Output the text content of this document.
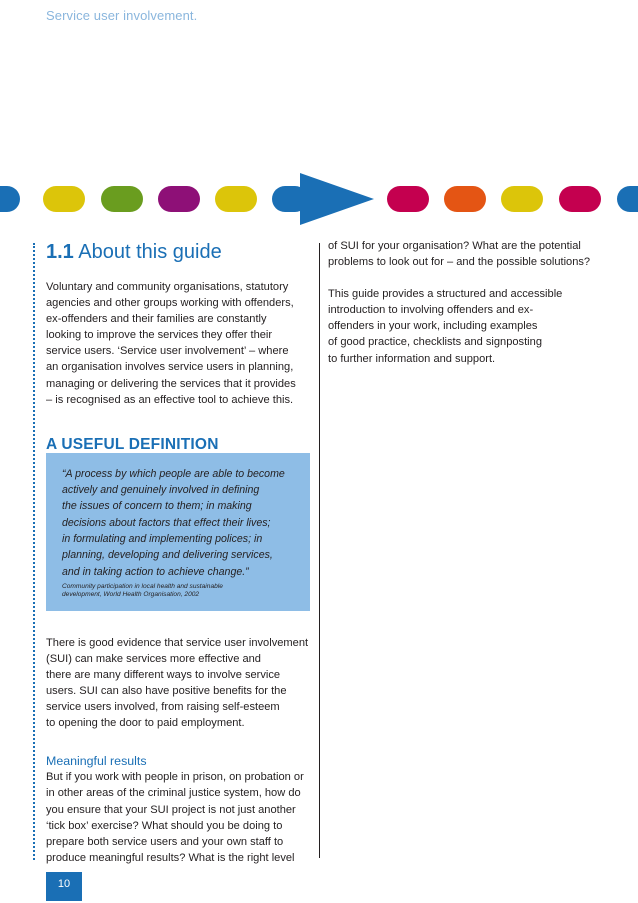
Service user involvement.
1.1 About this guide

Voluntary and community organisations, statutory
agencies and other groups working with offenders,
ex-offenders and their families are constantly
looking to improve the services they offer their
service users. ‘Service user involvement’ – where
an organisation involves service users in planning,
managing or delivering the services that it provides
– is recognised as an effective tool to achieve this.

A USEFUL DEFINITION

“A process by which people are able to become
actively and genuinely involved in defining
the issues of concern to them; in making
decisions about factors that effect their lives;
in formulating and implementing polices; in
planning, developing and delivering services,
and in taking action to achieve change.”

Community participation in local health and sustainable
development, World Health Organisation, 2002

There is good evidence that service user involvement
(SUI) can make services more effective and
there are many different ways to involve service
users. SUI can also have positive benefits for the
service users involved, from raising self-esteem
to opening the door to paid employment.

Meaningful results

But if you work with people in prison, on probation or
in other areas of the criminal justice system, how do
you ensure that your SUI project is not just another
‘tick box’ exercise? What should you be doing to
prepare both service users and your own staff to
produce meaningful results? What is the right level

of SUI for your organisation? What are the potential
problems to look out for – and the possible solutions?

This guide provides a structured and accessible
introduction to involving offenders and ex-
offenders in your work, including examples
of good practice, checklists and signposting
to further information and support.

10
